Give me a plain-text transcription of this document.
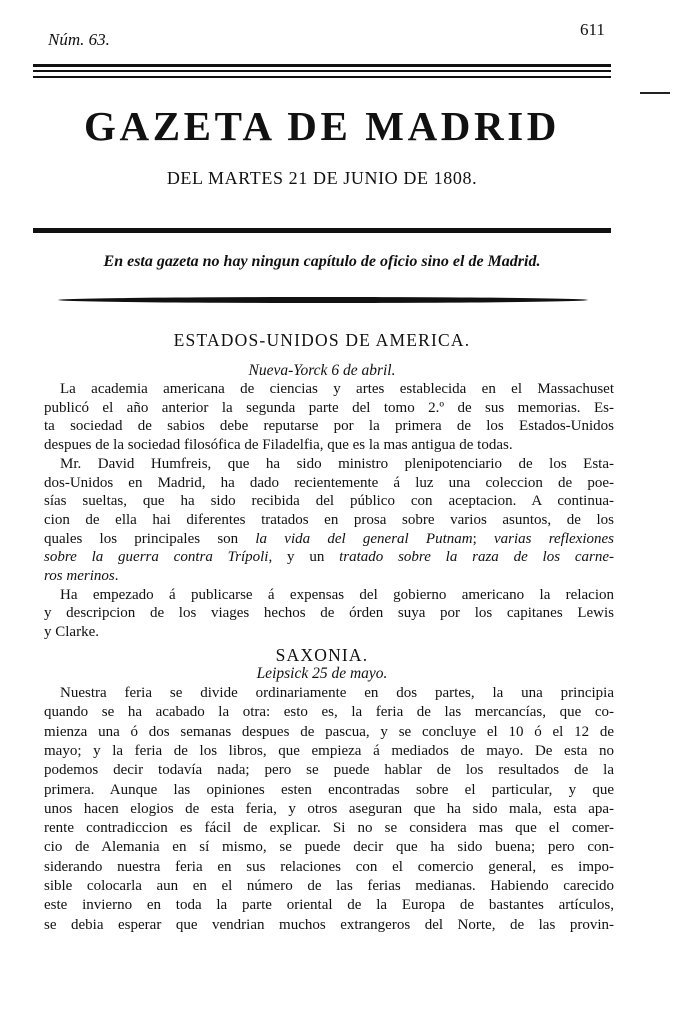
Núm. 63.
611
GAZETA DE MADRID
DEL MARTES 21 DE JUNIO DE 1808.
En esta gazeta no hay ningun capítulo de oficio sino el de Madrid.
ESTADOS-UNIDOS DE AMERICA.
Nueva-Yorck 6 de abril.
La academia americana de ciencias y artes establecida en el Massachuset
publicó el año anterior la segunda parte del tomo 2.º de sus memorias. Es-
ta sociedad de sabios debe reputarse por la primera de los Estados-Unidos
despues de la sociedad filosófica de Filadelfia, que es la mas antigua de todas.
Mr. David Humfreis, que ha sido ministro plenipotenciario de los Esta-
dos-Unidos en Madrid, ha dado recientemente á luz una coleccion de poe-
sías sueltas, que ha sido recibida del público con aceptacion. A continua-
cion de ella hai diferentes tratados en prosa sobre varios asuntos, de los
quales los principales son la vida del general Putnam; varias reflexiones
sobre la guerra contra Trípoli, y un tratado sobre la raza de los carne-
ros merinos.
Ha empezado á publicarse á expensas del gobierno americano la relacion
y descripcion de los viages hechos de órden suya por los capitanes Lewis
y Clarke.
SAXONIA.
Leipsick 25 de mayo.
Nuestra feria se divide ordinariamente en dos partes, la una principia
quando se ha acabado la otra: esto es, la feria de las mercancías, que co-
mienza una ó dos semanas despues de pascua, y se concluye el 10 ó el 12 de
mayo; y la feria de los libros, que empieza á mediados de mayo. De esta no
podemos decir todavía nada; pero se puede hablar de los resultados de la
primera. Aunque las opiniones esten encontradas sobre el particular, y que
unos hacen elogios de esta feria, y otros aseguran que ha sido mala, esta apa-
rente contradiccion es fácil de explicar. Si no se considera mas que el comer-
cio de Alemania en sí mismo, se puede decir que ha sido buena; pero con-
siderando nuestra feria en sus relaciones con el comercio general, es impo-
sible colocarla aun en el número de las ferias medianas. Habiendo carecido
este invierno en toda la parte oriental de la Europa de bastantes artículos,
se debia esperar que vendrian muchos extrangeros del Norte, de las provin-
